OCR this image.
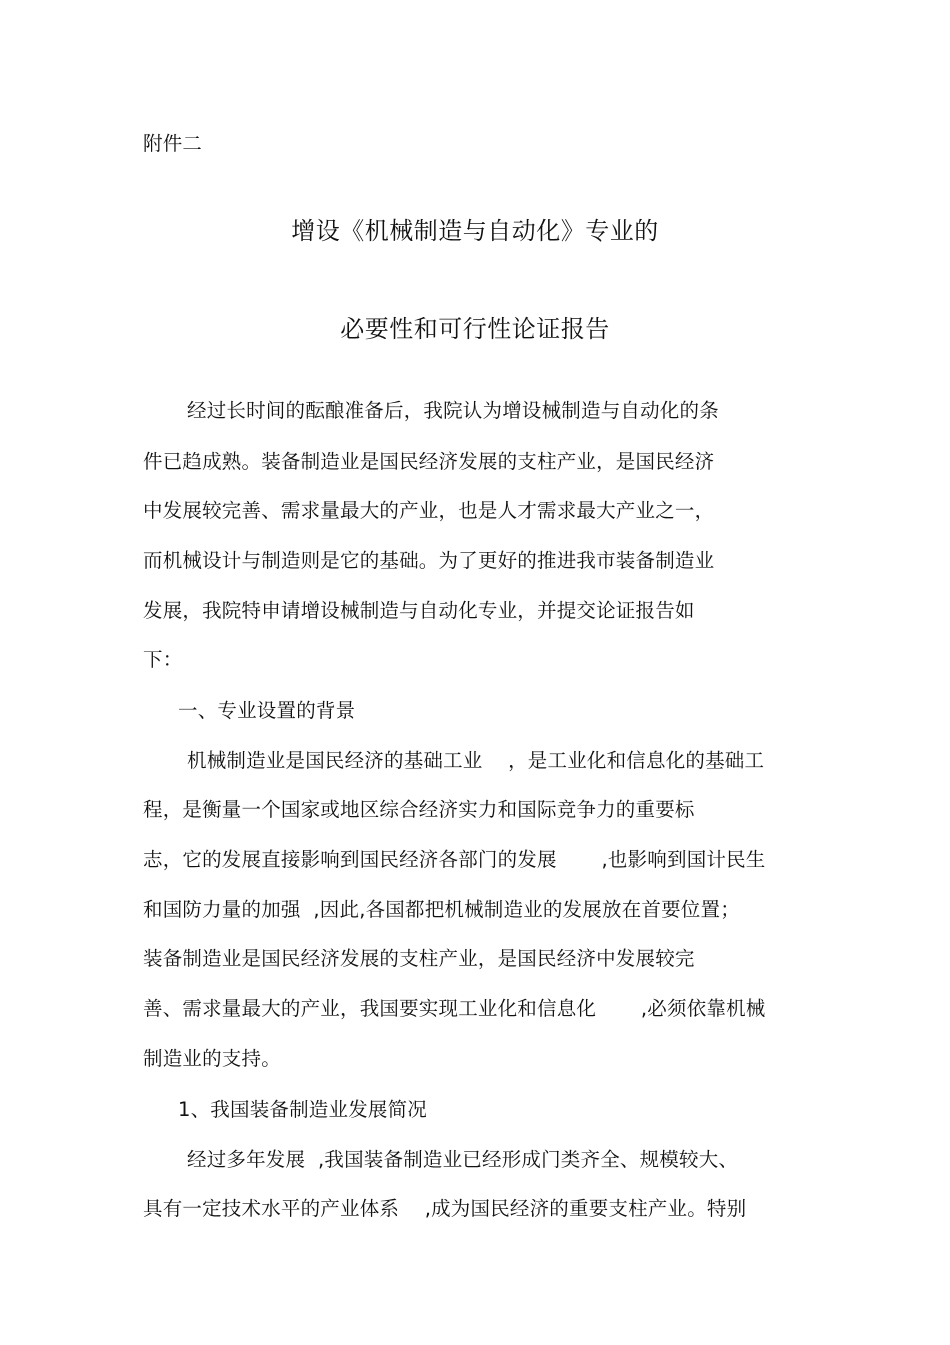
附件二
增设《机械制造与自动化》专业的
必要性和可行性论证报告
经过长时间的酝酿准备后，我院认为增设械制造与自动化的条
件已趋成熟。装备制造业是国民经济发展的支柱产业，是国民经济
中发展较完善、需求量最大的产业，也是人才需求最大产业之一，
而机械设计与制造则是它的基础。为了更好的推进我市装备制造业
发展，我院特申请增设械制造与自动化专业，并提交论证报告如
下：
一、专业设置的背景
机械制造业是国民经济的基础工业    ，是工业化和信息化的基础工
程，是衡量一个国家或地区综合经济实力和国际竞争力的重要标
志，它的发展直接影响到国民经济各部门的发展       ,也影响到国计民生
和国防力量的加强  ,因此,各国都把机械制造业的发展放在首要位置；
装备制造业是国民经济发展的支柱产业，是国民经济中发展较完
善、需求量最大的产业，我国要实现工业化和信息化       ,必须依靠机械
制造业的支持。
1、我国装备制造业发展简况
经过多年发展  ,我国装备制造业已经形成门类齐全、规模较大、
具有一定技术水平的产业体系    ,成为国民经济的重要支柱产业。特别
